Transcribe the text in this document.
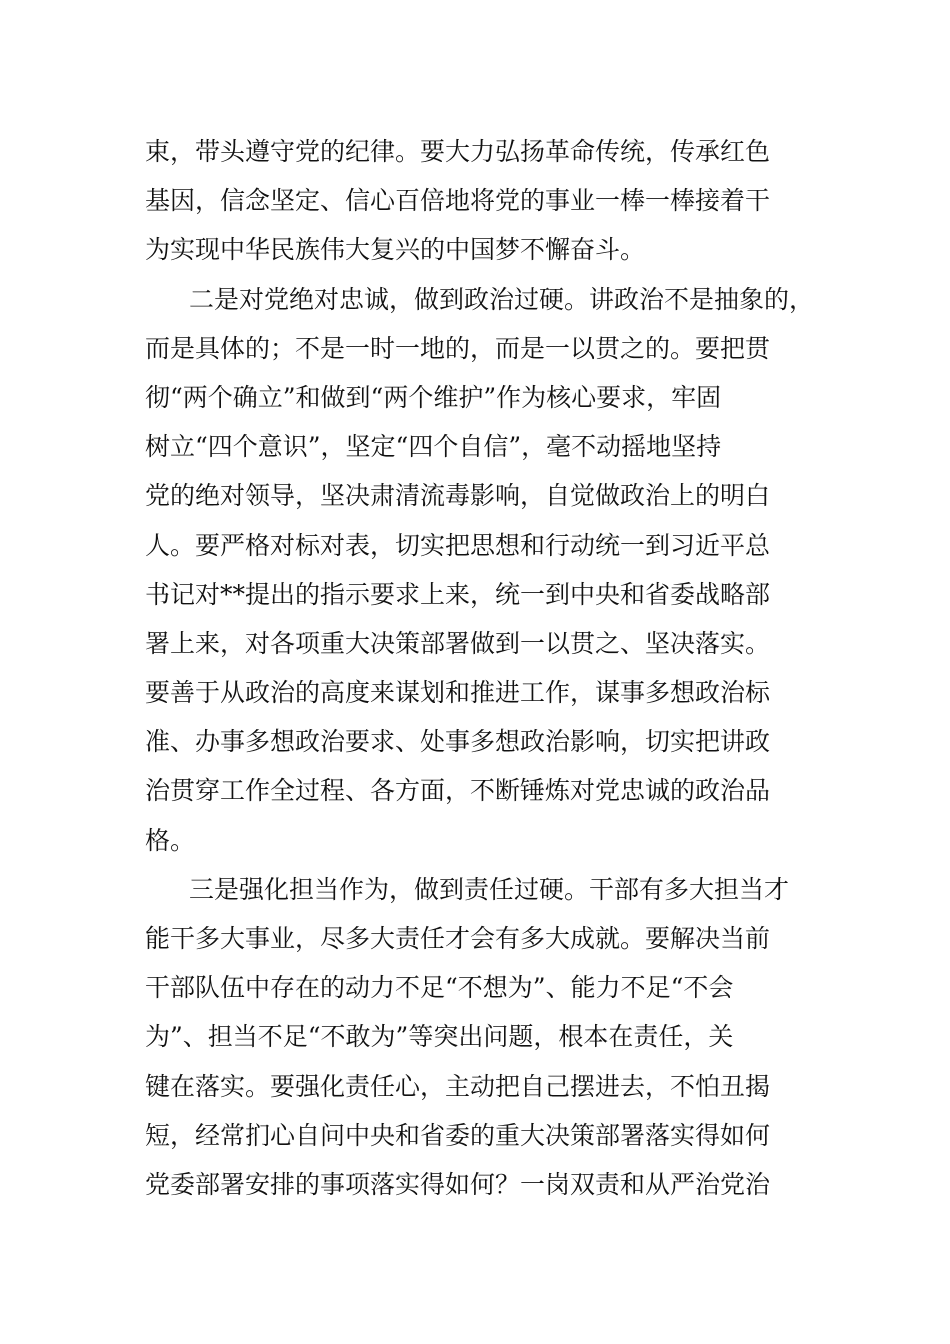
束，带头遵守党的纪律。要大力弘扬革命传统，传承红色
基因，信念坚定、信心百倍地将党的事业一棒一棒接着干
为实现中华民族伟大复兴的中国梦不懈奋斗。
二是对党绝对忠诚，做到政治过硬。讲政治不是抽象的，
而是具体的；不是一时一地的，而是一以贯之的。要把贯
彻“两个确立”和做到“两个维护”作为核心要求，牢固
树立“四个意识”，坚定“四个自信”，毫不动摇地坚持
党的绝对领导，坚决肃清流毒影响，自觉做政治上的明白
人。要严格对标对表，切实把思想和行动统一到习近平总
书记对**提出的指示要求上来，统一到中央和省委战略部
署上来，对各项重大决策部署做到一以贯之、坚决落实。
要善于从政治的高度来谋划和推进工作，谋事多想政治标
准、办事多想政治要求、处事多想政治影响，切实把讲政
治贯穿工作全过程、各方面，不断锤炼对党忠诚的政治品
格。
三是强化担当作为，做到责任过硬。干部有多大担当才
能干多大事业，尽多大责任才会有多大成就。要解决当前
干部队伍中存在的动力不足“不想为”、能力不足“不会
为”、担当不足“不敢为”等突出问题，根本在责任，关
键在落实。要强化责任心，主动把自己摆进去，不怕丑揭
短，经常扪心自问中央和省委的重大决策部署落实得如何
党委部署安排的事项落实得如何？一岗双责和从严治党治
